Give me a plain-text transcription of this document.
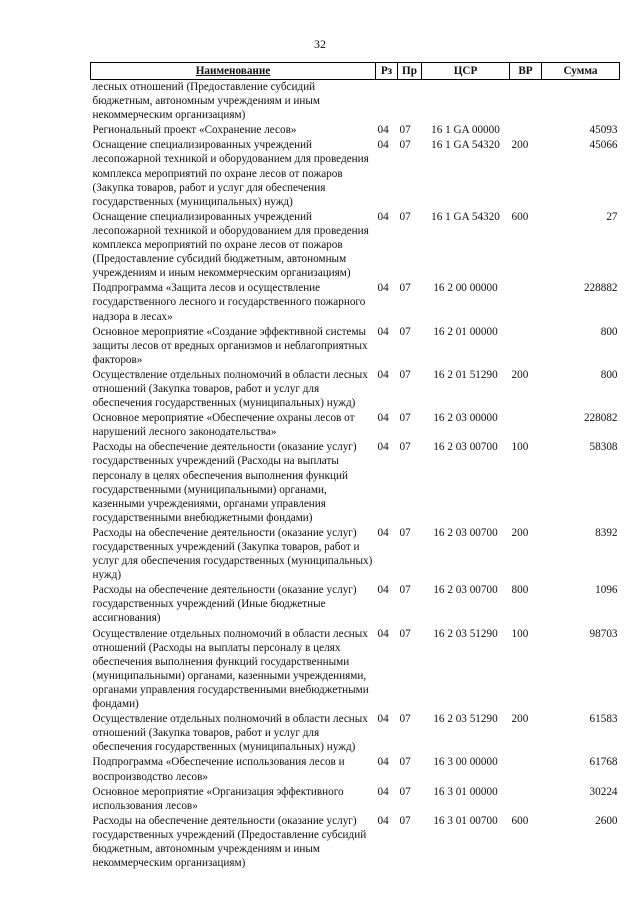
32
Наименование	Рз	Пр	ЦСР	ВР	Сумма
лесных отношений (Предоставление субсидий бюджетным, автономным учреждениям и иным некоммерческим организациям)					
Региональный проект «Сохранение лесов»	04	07	16 1 GA 00000		45093
Оснащение специализированных учреждений лесопожарной техникой и оборудованием для проведения комплекса мероприятий по охране лесов от пожаров (Закупка товаров, работ и услуг для обеспечения государственных (муниципальных) нужд)	04	07	16 1 GA 54320	200	45066
Оснащение специализированных учреждений лесопожарной техникой и оборудованием для проведения комплекса мероприятий по охране лесов от пожаров (Предоставление субсидий бюджетным, автономным учреждениям и иным некоммерческим организациям)	04	07	16 1 GA 54320	600	27
Подпрограмма «Защита лесов и осуществление государственного лесного и государственного пожарного надзора в лесах»	04	07	16 2 00 00000		228882
Основное мероприятие «Создание эффективной системы защиты лесов от вредных организмов и неблагоприятных факторов»	04	07	16 2 01 00000		800
Осуществление отдельных полномочий в области лесных отношений (Закупка товаров, работ и услуг для обеспечения государственных (муниципальных) нужд)	04	07	16 2 01 51290	200	800
Основное мероприятие «Обеспечение охраны лесов от нарушений лесного законодательства»	04	07	16 2 03 00000		228082
Расходы на обеспечение деятельности (оказание услуг) государственных учреждений (Расходы на выплаты персоналу в целях обеспечения выполнения функций государственными (муниципальными) органами, казенными учреждениями, органами управления государственными внебюджетными фондами)	04	07	16 2 03 00700	100	58308
Расходы на обеспечение деятельности (оказание услуг) государственных учреждений (Закупка товаров, работ и услуг для обеспечения государственных (муниципальных) нужд)	04	07	16 2 03 00700	200	8392
Расходы на обеспечение деятельности (оказание услуг) государственных учреждений (Иные бюджетные ассигнования)	04	07	16 2 03 00700	800	1096
Осуществление отдельных полномочий в области лесных отношений (Расходы на выплаты персоналу в целях обеспечения выполнения функций государственными (муниципальными) органами, казенными учреждениями, органами управления государственными внебюджетными фондами)	04	07	16 2 03 51290	100	98703
Осуществление отдельных полномочий в области лесных отношений (Закупка товаров, работ и услуг для обеспечения государственных (муниципальных) нужд)	04	07	16 2 03 51290	200	61583
Подпрограмма «Обеспечение использования лесов и воспроизводство лесов»	04	07	16 3 00 00000		61768
Основное мероприятие «Организация эффективного использования лесов»	04	07	16 3 01 00000		30224
Расходы на обеспечение деятельности (оказание услуг) государственных учреждений (Предоставление субсидий бюджетным, автономным учреждениям и иным некоммерческим организациям)	04	07	16 3 01 00700	600	2600
